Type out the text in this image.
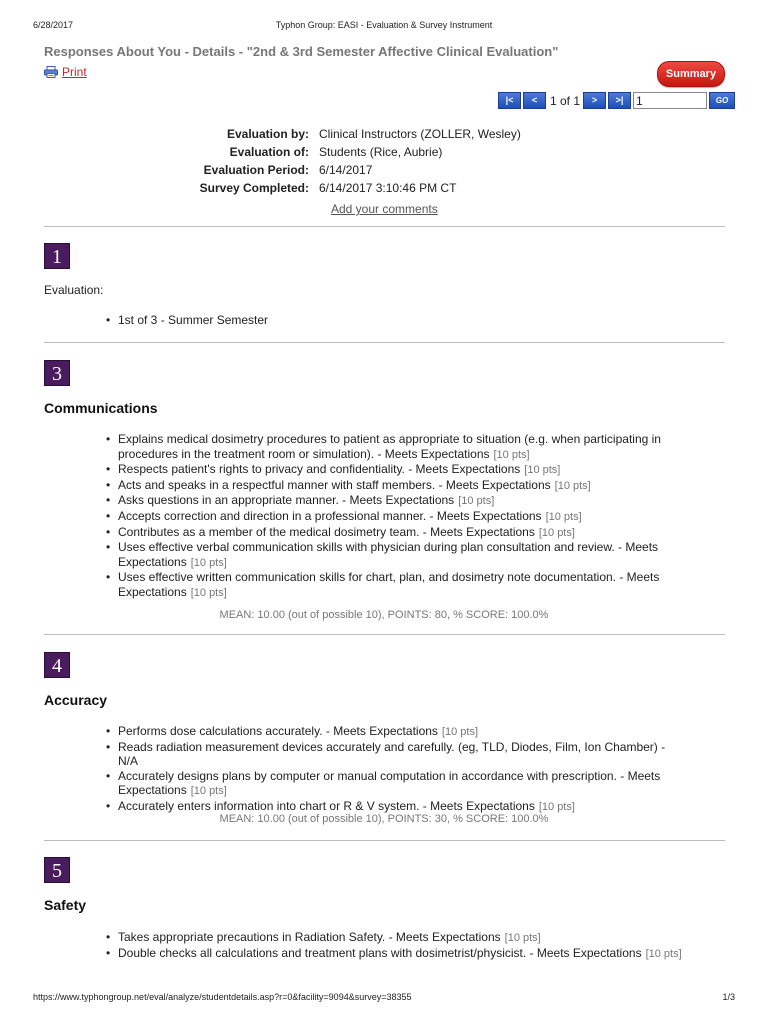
6/28/2017	Typhon Group: EASI - Evaluation & Survey Instrument
Responses About You - Details - "2nd & 3rd Semester Affective Clinical Evaluation"
Print	Summary
|<	<	1 of 1	>	>|
1	GO
Evaluation by: Clinical Instructors (ZOLLER, Wesley)
Evaluation of: Students (Rice, Aubrie)
Evaluation Period: 6/14/2017
Survey Completed: 6/14/2017 3:10:46 PM CT
Add your comments
1
Evaluation:
• 1st of 3 - Summer Semester
3
Communications
• Explains medical dosimetry procedures to patient as appropriate to situation (e.g. when participating in procedures in the treatment room or simulation). - Meets Expectations [10 pts]
• Respects patient's rights to privacy and confidentiality. - Meets Expectations [10 pts]
• Acts and speaks in a respectful manner with staff members. - Meets Expectations [10 pts]
• Asks questions in an appropriate manner. - Meets Expectations [10 pts]
• Accepts correction and direction in a professional manner. - Meets Expectations [10 pts]
• Contributes as a member of the medical dosimetry team. - Meets Expectations [10 pts]
• Uses effective verbal communication skills with physician during plan consultation and review. - Meets Expectations [10 pts]
• Uses effective written communication skills for chart, plan, and dosimetry note documentation. - Meets Expectations [10 pts]
MEAN: 10.00 (out of possible 10), POINTS: 80, % SCORE: 100.0%
4
Accuracy
• Performs dose calculations accurately. - Meets Expectations [10 pts]
• Reads radiation measurement devices accurately and carefully. (eg, TLD, Diodes, Film, Ion Chamber) - N/A
• Accurately designs plans by computer or manual computation in accordance with prescription. - Meets Expectations [10 pts]
• Accurately enters information into chart or R & V system. - Meets Expectations [10 pts]
MEAN: 10.00 (out of possible 10), POINTS: 30, % SCORE: 100.0%
5
Safety
• Takes appropriate precautions in Radiation Safety. - Meets Expectations [10 pts]
• Double checks all calculations and treatment plans with dosimetrist/physicist. - Meets Expectations [10 pts]
https://www.typhongroup.net/eval/analyze/studentdetails.asp?r=0&facility=9094&survey=38355	1/3
